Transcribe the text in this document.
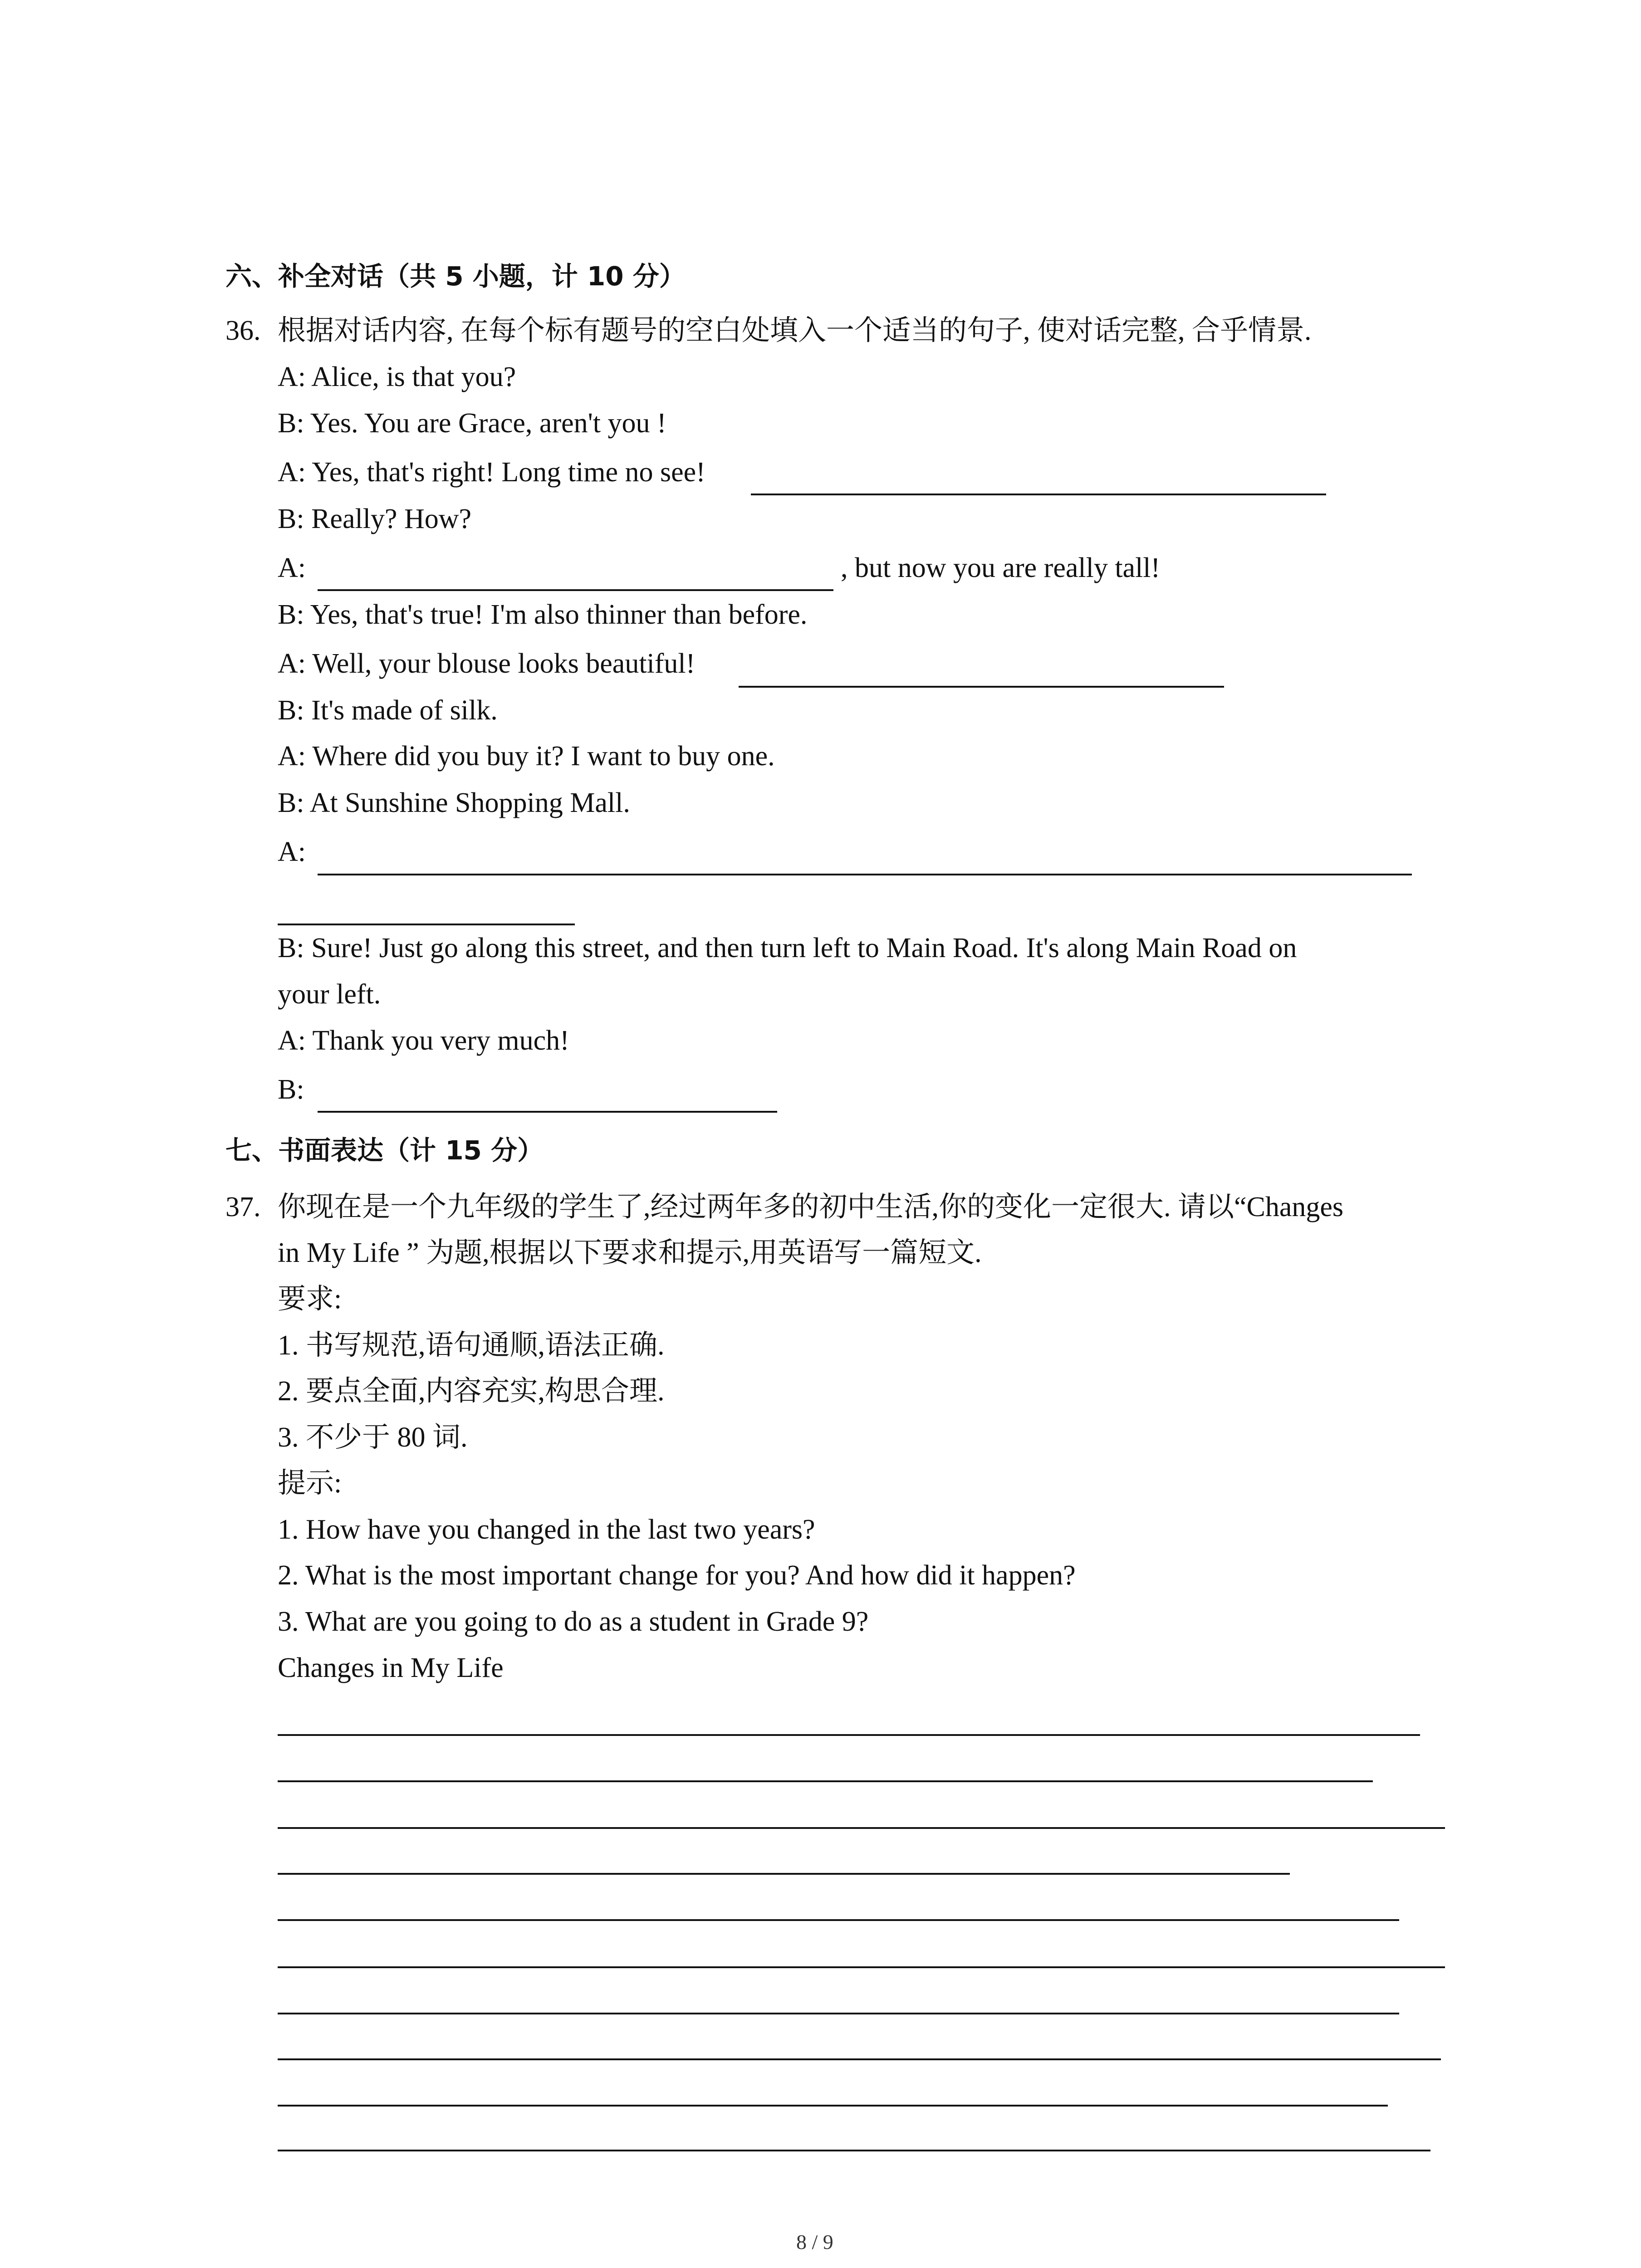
六、补全对话（共 5 小题，计 10 分）
36. 根据对话内容, 在每个标有题号的空白处填入一个适当的句子, 使对话完整, 合乎情景.
A: Alice, is that you?
B: Yes. You are Grace, aren't you !
A: Yes, that's right! Long time no see!
B: Really? How?
A:	, but now you are really tall!
B: Yes, that's true! I'm also thinner than before.
A: Well, your blouse looks beautiful!
B: It's made of silk.
A: Where did you buy it? I want to buy one.
B: At Sunshine Shopping Mall.
A:
B: Sure! Just go along this street, and then turn left to Main Road. It's along Main Road on
your left.
A: Thank you very much!
B:
七、书面表达（计 15 分）
37. 你现在是一个九年级的学生了,经过两年多的初中生活,你的变化一定很大. 请以“Changes
in My Life ” 为题,根据以下要求和提示,用英语写一篇短文.
要求:
1. 书写规范,语句通顺,语法正确.
2. 要点全面,内容充实,构思合理.
3. 不少于 80 词.
提示:
1. How have you changed in the last two years?
2. What is the most important change for you? And how did it happen?
3. What are you going to do as a student in Grade 9?
Changes in My Life
8 / 9
